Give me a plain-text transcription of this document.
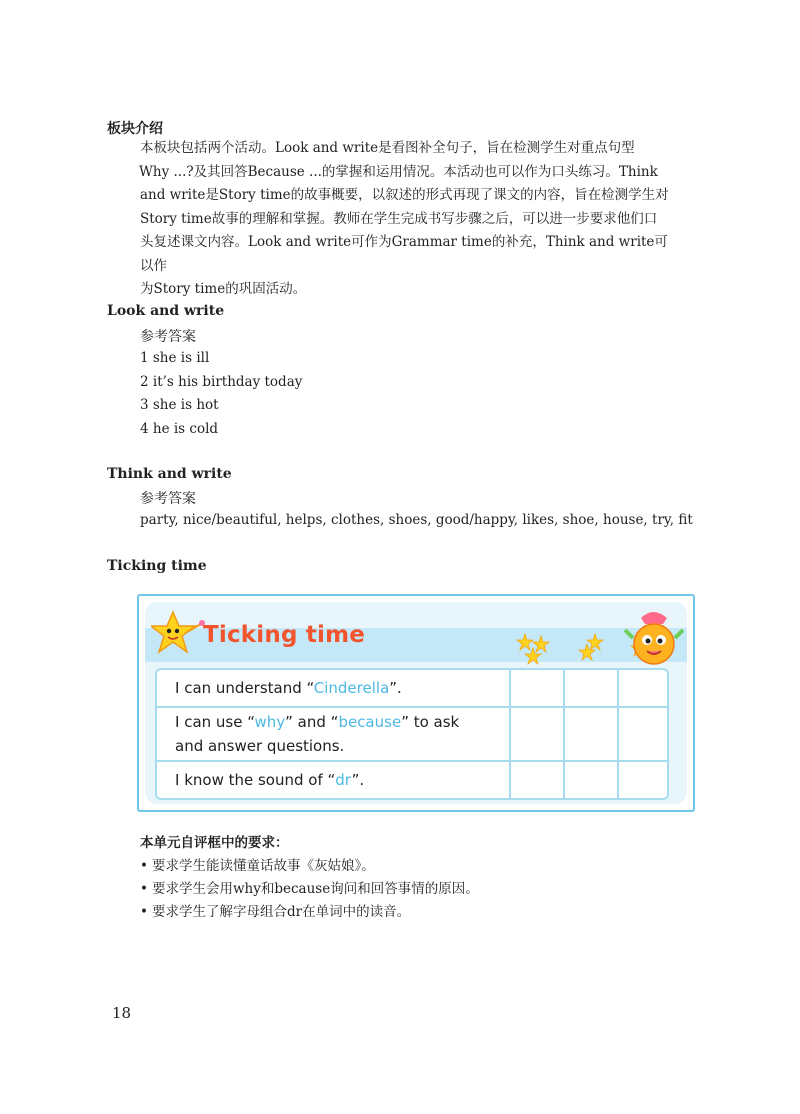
板块介绍

本板块包括两个活动。Look and write是看图补全句子，旨在检测学生对重点句型

Why ...?及其回答Because ...的掌握和运用情况。本活动也可以作为口头练习。Think

and write是Story time的故事概要，以叙述的形式再现了课文的内容，旨在检测学生对

Story time故事的理解和掌握。教师在学生完成书写步骤之后，可以进一步要求他们口

头复述课文内容。Look and write可作为Grammar time的补充，Think and write可以作

为Story time的巩固活动。

Look and write
参考答案
1 she is ill
2 it’s his birthday today
3 she is hot
4 he is cold
Think and write
参考答案
party, nice/beautiful, helps, clothes, shoes, good/happy, likes, shoe, house, try, fit
Ticking time
Ticking time
I can understand “Cinderella”.
I can use “why” and “because” to ask
and answer questions.
I know the sound of “dr”.
本单元自评框中的要求：
• 要求学生能读懂童话故事《灰姑娘》。
• 要求学生会用why和because询问和回答事情的原因。
• 要求学生了解字母组合dr在单词中的读音。
18
